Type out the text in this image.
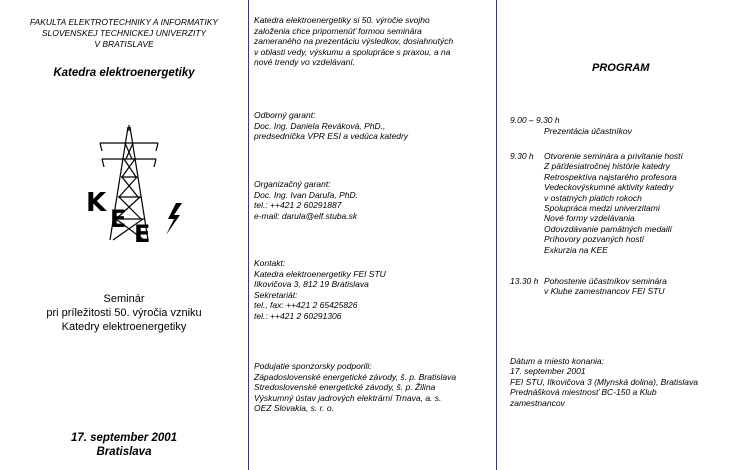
FAKULTA ELEKTROTECHNIKY A INFORMATIKY
SLOVENSKEJ TECHNICKEJ UNIVERZITY
V BRATISLAVE
Katedra elektroenergetiky
K
E
E
Seminár
pri príležitosti 50. výročia vzniku
Katedry elektroenergetiky
17. september 2001
Bratislava
Katedra elektroenergetiky si 50. výročie svojho
založenia chce pripomenúť formou seminára
zameraného na prezentáciu výsledkov, dosiahnutých
v oblasti vedy, výskumu a spolupráce s praxou, a na
nové trendy vo vzdelávaní.
Odborný garant:
Doc. Ing. Daniela Reváková, PhD.,
predsedníčka VPR ESI a vedúca katedry
Organizačný garant:
Doc. Ing. Ivan Daruľa, PhD.
tel.: ++421 2 60291887
e-mail: darula@elf.stuba.sk
Kontakt:
Katedra elektroenergetiky FEI STU
Ilkovičova 3, 812 19 Bratislava
Sekretariát:
tel., fax: ++421 2 65425826
tel.: ++421 2 60291306
Podujatie sponzorsky podporili:
Západoslovenské energetické závody, š. p. Bratislava
Stredoslovenské energetické závody, š. p. Žilina
Výskumný ústav jadrových elektrární Trnava, a. s.
OEZ Slovakia, s. r. o.
PROGRAM
9.00 – 9.30 h
Prezentácia účastníkov
9.30 h Otvorenie seminára a privítanie hostí
Z päťdesiatročnej histórie katedry
Retrospektíva najstarého profesora
Vedeckovýskumné aktivity katedry
v ostatných piatich rokoch
Spolupráca medzi univerzitami
Nové formy vzdelávania
Odovzdávanie pamätných medailí
Príhovory pozvaných hostí
Exkurzia na KEE
13.30 h Pohostenie účastníkov seminára
v Klube zamestnancov FEI STU
Dátum a miesto konania:
17. september 2001
FEI STU, Ilkovičova 3 (Mlynská dolina), Bratislava
Prednášková miestnosť BC-150 a Klub
zamestnancov
